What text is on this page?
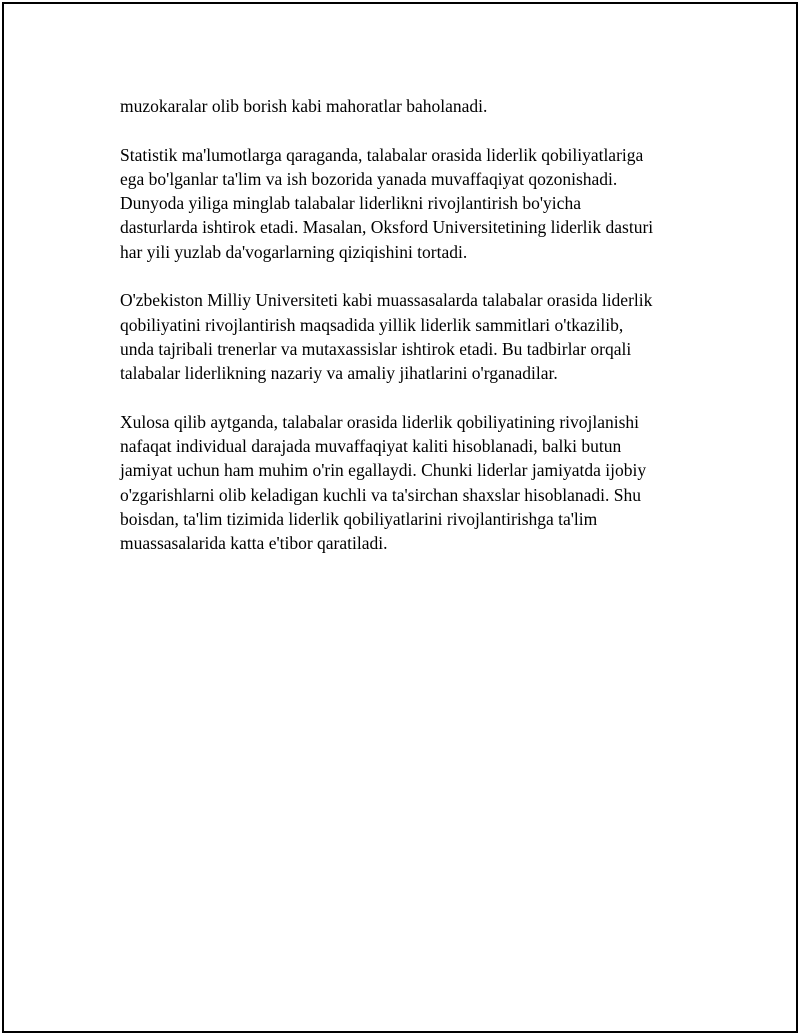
muzokaralar olib borish kabi mahoratlar baholanadi.

Statistik ma'lumotlarga qaraganda, talabalar orasida liderlik qobiliyatlariga
ega bo'lganlar ta'lim va ish bozorida yanada muvaffaqiyat qozonishadi.
Dunyoda yiliga minglab talabalar liderlikni rivojlantirish bo'yicha
dasturlarda ishtirok etadi. Masalan, Oksford Universitetining liderlik dasturi
har yili yuzlab da'vogarlarning qiziqishini tortadi.

O'zbekiston Milliy Universiteti kabi muassasalarda talabalar orasida liderlik
qobiliyatini rivojlantirish maqsadida yillik liderlik sammitlari o'tkazilib,
unda tajribali trenerlar va mutaxassislar ishtirok etadi. Bu tadbirlar orqali
talabalar liderlikning nazariy va amaliy jihatlarini o'rganadilar.

Xulosa qilib aytganda, talabalar orasida liderlik qobiliyatining rivojlanishi
nafaqat individual darajada muvaffaqiyat kaliti hisoblanadi, balki butun
jamiyat uchun ham muhim o'rin egallaydi. Chunki liderlar jamiyatda ijobiy
o'zgarishlarni olib keladigan kuchli va ta'sirchan shaxslar hisoblanadi. Shu
boisdan, ta'lim tizimida liderlik qobiliyatlarini rivojlantirishga ta'lim
muassasalarida katta e'tibor qaratiladi.
